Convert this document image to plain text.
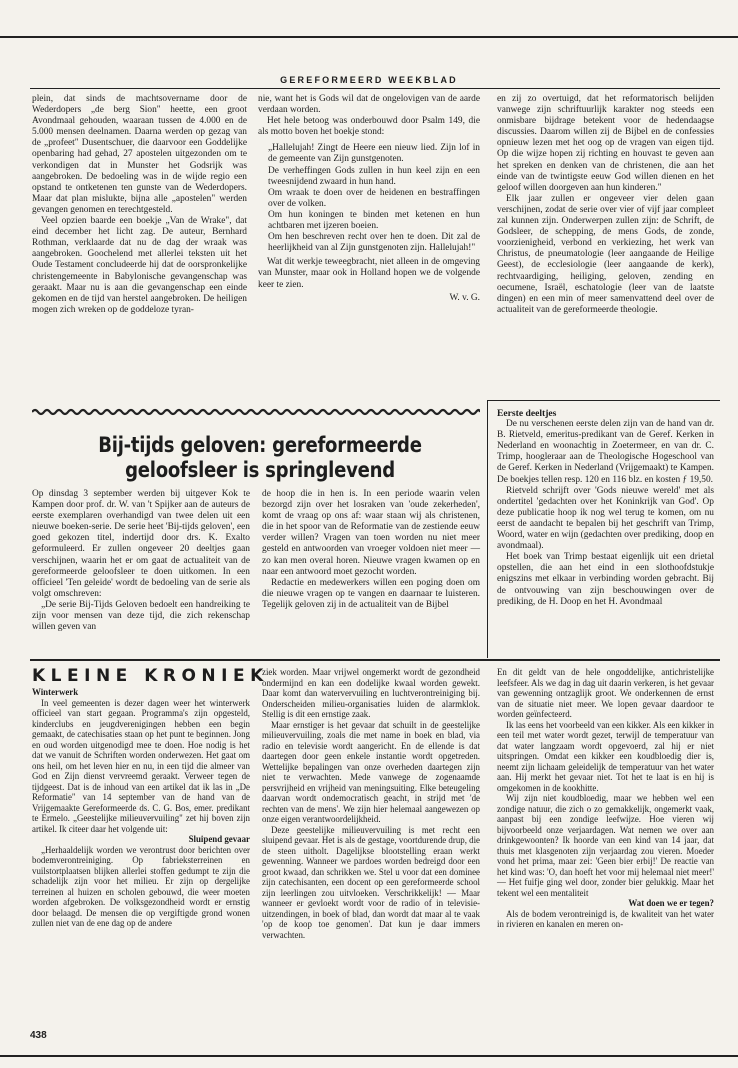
GEREFORMEERD WEEKBLAD

plein, dat sinds de machtsovername door de Wederdopers „de berg Sion" heette, een groot Avondmaal gehouden, waaraan tussen de 4.000 en de 5.000 mensen deelnamen. Daarna werden op gezag van de „profeet" Dusentschuer, die daarvoor een Goddelijke openbaring had gehad, 27 apostelen uitgezonden om te verkondigen dat in Munster het Godsrijk was aangebroken. De bedoeling was in de wijde regio een opstand te ontketenen ten gunste van de Wederdopers. Maar dat plan mislukte, bijna alle „apostelen" werden gevangen genomen en terechtgesteld.

Veel opzien baarde een boekje „Van de Wrake", dat eind december het licht zag. De auteur, Bernhard Rothman, verklaarde dat nu de dag der wraak was aangebroken. Goochelend met allerlei teksten uit het Oude Testament concludeerde hij dat de oorspronkelijke christengemeente in Babylonische gevangenschap was geraakt. Maar nu is aan die gevangenschap een einde gekomen en de tijd van herstel aangebroken. De heiligen mogen zich wreken op de goddeloze tyran-

nie, want het is Gods wil dat de ongelovigen van de aarde verdaan worden.

Het hele betoog was onderbouwd door Psalm 149, die als motto boven het boekje stond:

„Hallelujah! Zingt de Heere een nieuw lied. Zijn lof in de gemeente van Zijn gunstgenoten.

De verheffingen Gods zullen in hun keel zijn en een tweesnijdend zwaard in hun hand.

Om wraak te doen over de heidenen en bestraffingen over de volken.

Om hun koningen te binden met ketenen en hun achtbaren met ijzeren boeien.

Om hen beschreven recht over hen te doen. Dit zal de heerlijkheid van al Zijn gunstgenoten zijn. Hallelujah!"

Wat dit werkje teweegbracht, niet alleen in de omgeving van Munster, maar ook in Holland hopen we de volgende keer te zien.

W. v. G.

en zij zo overtuigd, dat het reformatorisch belijden vanwege zijn schriftuurlijk karakter nog steeds een onmisbare bijdrage betekent voor de hedendaagse discussies. Daarom willen zij de Bijbel en de confessies opnieuw lezen met het oog op de vragen van eigen tijd. Op die wijze hopen zij richting en houvast te geven aan het spreken en denken van de christenen, die aan het einde van de twintigste eeuw God willen dienen en het geloof willen doorgeven aan hun kinderen."

Elk jaar zullen er ongeveer vier delen gaan verschijnen, zodat de serie over vier of vijf jaar compleet zal kunnen zijn. Onderwerpen zullen zijn: de Schrift, de Godsleer, de schepping, de mens Gods, de zonde, voorzienigheid, verbond en verkiezing, het werk van Christus, de pneumatologie (leer aangaande de Heilige Geest), de ecclesiologie (leer aangaande de kerk), rechtvaardiging, heiliging, geloven, zending en oecumene, Israël, eschatologie (leer van de laatste dingen) en een min of meer samenvattend deel over de actualiteit van de gereformeerde theologie.

Bij-tijds geloven: gereformeerde geloofsleer is springlevend

Op dinsdag 3 september werden bij uitgever Kok te Kampen door prof. dr. W. van 't Spijker aan de auteurs de eerste exemplaren overhandigd van twee delen uit een nieuwe boeken-serie. De serie heet 'Bij-tijds geloven', een goed gekozen titel, indertijd door drs. K. Exalto geformuleerd. Er zullen ongeveer 20 deeltjes gaan verschijnen, waarin het er om gaat de actualiteit van de gereformeerde geloofsleer te doen uitkomen. In een officieel 'Ten geleide' wordt de bedoeling van de serie als volgt omschreven:

„De serie Bij-Tijds Geloven bedoelt een handreiking te zijn voor mensen van deze tijd, die zich rekenschap willen geven van

de hoop die in hen is. In een periode waarin velen bezorgd zijn over het losraken van 'oude zekerheden', komt de vraag op ons af: waar staan wij als christenen, die in het spoor van de Reformatie van de zestiende eeuw verder willen? Vragen van toen worden nu niet meer gesteld en antwoorden van vroeger voldoen niet meer — zo kan men overal horen. Nieuwe vragen kwamen op en naar een antwoord moet gezocht worden.

Redactie en medewerkers willen een poging doen om die nieuwe vragen op te vangen en daarnaar te luisteren. Tegelijk geloven zij in de actualiteit van de Bijbel

Eerste deeltjes

De nu verschenen eerste delen zijn van de hand van dr. B. Rietveld, emeritus-predikant van de Geref. Kerken in Nederland en woonachtig in Zoetermeer, en van dr. C. Trimp, hoogleraar aan de Theologische Hogeschool van de Geref. Kerken in Nederland (Vrijgemaakt) te Kampen. De boekjes tellen resp. 120 en 116 blz. en kosten ƒ 19,50.

Rietveld schrijft over 'Gods nieuwe wereld' met als ondertitel 'gedachten over het Koninkrijk van God'. Op deze publicatie hoop ik nog wel terug te komen, om nu eerst de aandacht te bepalen bij het geschrift van Trimp, Woord, water en wijn (gedachten over prediking, doop en avondmaal).

Het boek van Trimp bestaat eigenlijk uit een drietal opstellen, die aan het eind in een slothoofdstukje enigszins met elkaar in verbinding worden gebracht. Bij de ontvouwing van zijn beschouwingen over de prediking, de H. Doop en het H. Avondmaal

KLEINE KRONIEK

Winterwerk

In veel gemeenten is dezer dagen weer het winterwerk officieel van start gegaan. Programma's zijn opgesteld, kinderclubs en jeugdverenigingen hebben een begin gemaakt, de catechisaties staan op het punt te beginnen. Jong en oud worden uitgenodigd mee te doen. Hoe nodig is het dat we vanuit de Schriften worden onderwezen. Het gaat om ons heil, om het leven hier en nu, in een tijd die almeer van God en Zijn dienst vervreemd geraakt. Verweer tegen de tijdgeest. Dat is de inhoud van een artikel dat ik las in „De Reformatie" van 14 september van de hand van de Vrijgemaakte Gereformeerde ds. C. G. Bos, emer. predikant te Ermelo. „Geestelijke milieuvervuiling" zet hij boven zijn artikel. Ik citeer daar het volgende uit:

Sluipend gevaar

„Herhaaldelijk worden we verontrust door berichten over bodemverontreiniging. Op fabrieksterreinen en vuilstortplaatsen blijken allerlei stoffen gedumpt te zijn die schadelijk zijn voor het milieu. Er zijn op dergelijke terreinen al huizen en scholen gebouwd, die weer moeten worden afgebroken. De volksgezondheid wordt er ernstig door belaagd. De mensen die op vergiftigde grond wonen zullen niet van de ene dag op de andere

ziek worden. Maar vrijwel ongemerkt wordt de gezondheid ondermijnd en kan een dodelijke kwaal worden gewekt. Daar komt dan watervervuiling en luchtverontreiniging bij. Onderscheiden milieu-organisaties luiden de alarmklok. Stellig is dit een ernstige zaak.

Maar ernstiger is het gevaar dat schuilt in de geestelijke milieuvervuiling, zoals die met name in boek en blad, via radio en televisie wordt aangericht. En de ellende is dat daartegen door geen enkele instantie wordt opgetreden. Wettelijke bepalingen van onze overheden daartegen zijn niet te verwachten. Mede vanwege de zogenaamde persvrijheid en vrijheid van meningsuiting. Elke beteugeling daarvan wordt ondemocratisch geacht, in strijd met 'de rechten van de mens'. We zijn hier helemaal aangewezen op onze eigen verantwoordelijkheid.

Deze geestelijke milieuvervuiling is met recht een sluipend gevaar. Het is als de gestage, voortdurende drup, die de steen uitholt. Dagelijkse blootstelling eraan werkt gewenning. Wanneer we pardoes worden bedreigd door een groot kwaad, dan schrikken we. Stel u voor dat een dominee zijn catechisanten, een docent op een gereformeerde school zijn leerlingen zou uitvloeken. Verschrikkelijk! — Maar wanneer er gevloekt wordt voor de radio of in televisie-uitzendingen, in boek of blad, dan wordt dat maar al te vaak 'op de koop toe genomen'. Dat kun je daar immers verwachten.

En dit geldt van de hele ongoddelijke, antichristelijke leefsfeer. Als we dag in dag uit daarin verkeren, is het gevaar van gewenning ontzaglijk groot. We onderkennen de ernst van de situatie niet meer. We lopen gevaar daardoor te worden geïnfecteerd.

Ik las eens het voorbeeld van een kikker. Als een kikker in een teil met water wordt gezet, terwijl de temperatuur van dat water langzaam wordt opgevoerd, zal hij er niet uitspringen. Omdat een kikker een koudbloedig dier is, neemt zijn lichaam geleidelijk de temperatuur van het water aan. Hij merkt het gevaar niet. Tot het te laat is en hij is omgekomen in de kookhitte.

Wij zijn niet koudbloedig, maar we hebben wel een zondige natuur, die zich o zo gemakkelijk, ongemerkt vaak, aanpast bij een zondige leefwijze. Hoe vieren wij bijvoorbeeld onze verjaardagen. Wat nemen we over aan drinkgewoonten? Ik hoorde van een kind van 14 jaar, dat thuis met klasgenoten zijn verjaardag zou vieren. Moeder vond het prima, maar zei: 'Geen bier erbij!' De reactie van het kind was: 'O, dan hoeft het voor mij helemaal niet meer!' — Het fuifje ging wel door, zonder bier gelukkig. Maar het tekent wel een mentaliteit

Wat doen we er tegen?

Als de bodem verontreinigd is, de kwaliteit van het water in rivieren en kanalen en meren on-

438
